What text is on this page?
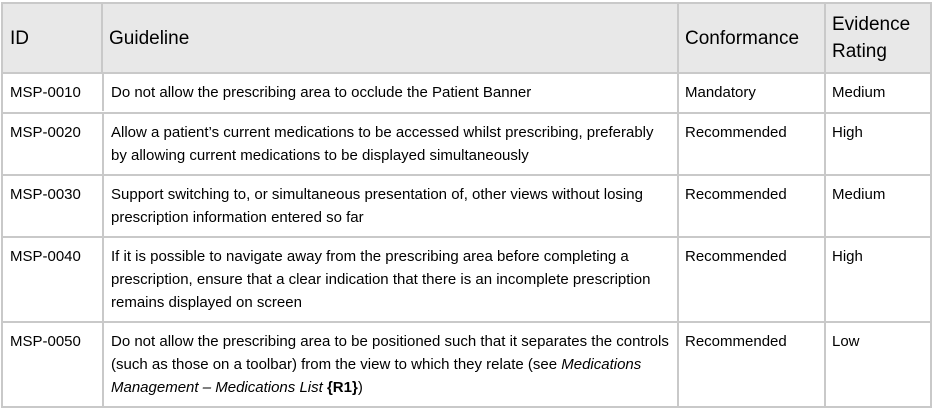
ID Guideline	Conformance	Evidence
Rating

MSP-0010 Do not allow the prescribing area to occlude the Patient Banner	Mandatory	Medium

MSP-0020 Allow a patient’s current medications to be accessed whilst prescribing, preferably by allowing current medications to be displayed simultaneously	Recommended	High

MSP-0030 Support switching to, or simultaneous presentation of, other views without losing prescription information entered so far	Recommended	Medium

MSP-0040 If it is possible to navigate away from the prescribing area before completing a prescription, ensure that a clear indication that there is an incomplete prescription remains displayed on screen	Recommended	High

MSP-0050 Do not allow the prescribing area to be positioned such that it separates the controls (such as those on a toolbar) from the view to which they relate (see Medications Management – Medications List {R1})	Recommended	Low
